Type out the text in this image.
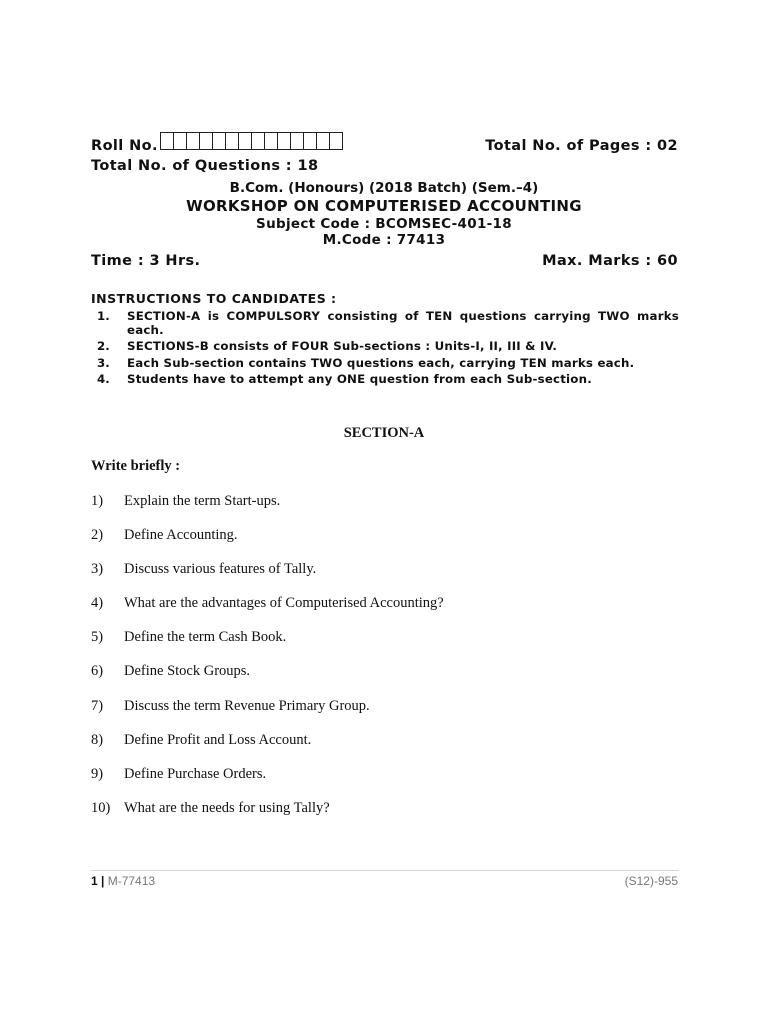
Roll No.	Total No. of Pages : 02
Total No. of Questions : 18
B.Com. (Honours) (2018 Batch) (Sem.–4)
WORKSHOP ON COMPUTERISED ACCOUNTING
Subject Code : BCOMSEC-401-18
M.Code : 77413
Time : 3 Hrs.	Max. Marks : 60
INSTRUCTIONS TO CANDIDATES :
1.	SECTION-A is COMPULSORY consisting of TEN questions carrying TWO marks each.
2.	SECTIONS-B consists of FOUR Sub-sections : Units-I, II, III & IV.
3.	Each Sub-section contains TWO questions each, carrying TEN marks each.
4.	Students have to attempt any ONE question from each Sub-section.
SECTION-A
Write briefly :
1)	Explain the term Start-ups.
2)	Define Accounting.
3)	Discuss various features of Tally.
4)	What are the advantages of Computerised Accounting?
5)	Define the term Cash Book.
6)	Define Stock Groups.
7)	Discuss the term Revenue Primary Group.
8)	Define Profit and Loss Account.
9)	Define Purchase Orders.
10) What are the needs for using Tally?
1 | M-77413	(S12)-955
